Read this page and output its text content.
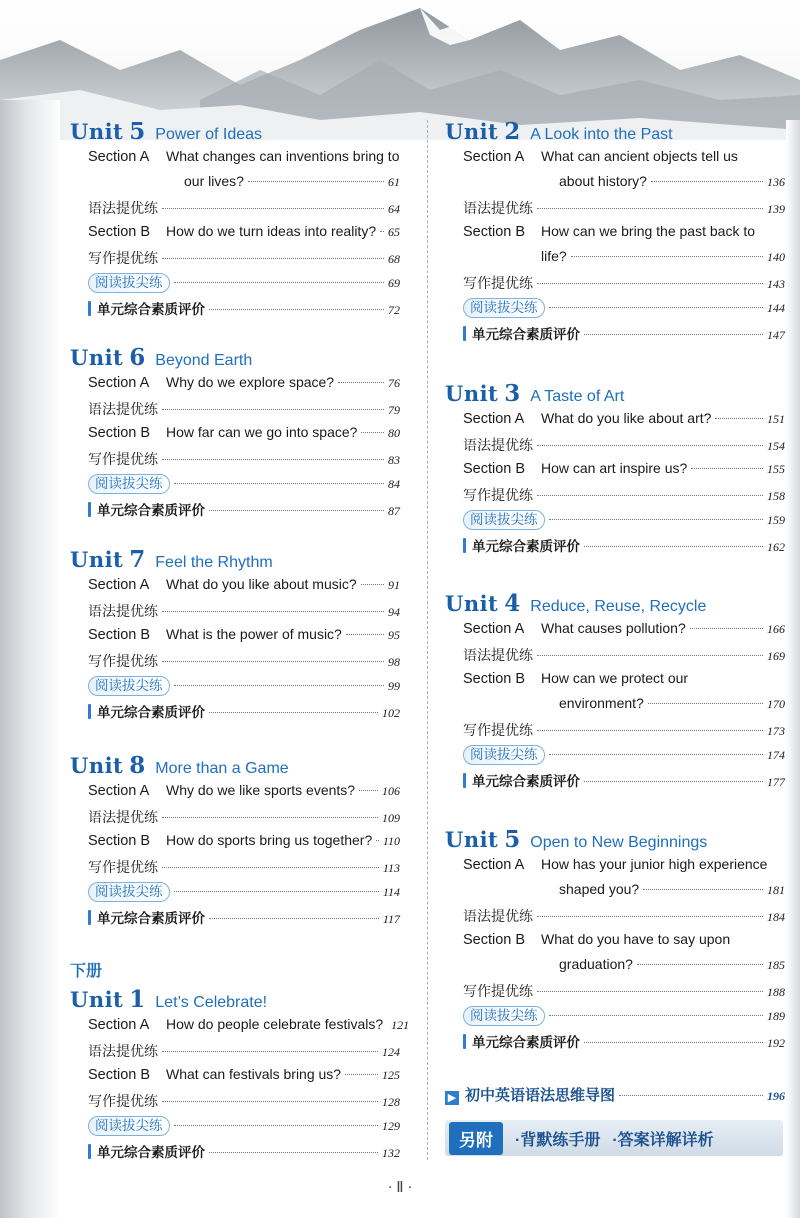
Unit 5 Power of Ideas
Section A	What changes can inventions bring to
our lives?	61
语法提优练	64
Section B	How do we turn ideas into reality? 65
写作提优练	68
阅读拔尖练	69
单元综合素质评价	72
Unit 6 Beyond Earth
Section A	Why do we explore space?	76
语法提优练	79
Section B	How far can we go into space?	80
写作提优练	83
阅读拔尖练	84
单元综合素质评价	87
Unit 7 Feel the Rhythm
Section A	What do you like about music?	91
语法提优练	94
Section B	What is the power of music?	95
写作提优练	98
阅读拔尖练	99
单元综合素质评价	102
Unit 8 More than a Game
Section A	Why do we like sports events? 106
语法提优练	109
Section B	How do sports bring us together? 110
写作提优练	113
阅读拔尖练	114
单元综合素质评价	117
下册
Unit 1 Let’s Celebrate!
Section A	How do people celebrate festivals? 121
语法提优练	124
Section B	What can festivals bring us?	125
写作提优练	128
阅读拔尖练	129
单元综合素质评价	132
Unit 2 A Look into the Past
Section A	What can ancient objects tell us
about history?	136
语法提优练	139
Section B	How can we bring the past back to
life?	140
写作提优练	143
阅读拔尖练	144
单元综合素质评价	147
Unit 3 A Taste of Art
Section A	What do you like about art?	151
语法提优练	154
Section B	How can art inspire us?	155
写作提优练	158
阅读拔尖练	159
单元综合素质评价	162
Unit 4 Reduce, Reuse, Recycle
Section A	What causes pollution?	166
语法提优练	169
Section B	How can we protect our
environment?	170
写作提优练	173
阅读拔尖练	174
单元综合素质评价	177
Unit 5 Open to New Beginnings
Section A	How has your junior high experience
shaped you?	181
语法提优练	184
Section B	What do you have to say upon
graduation?	185
写作提优练	188
阅读拔尖练	189
单元综合素质评价	192
▶ 初中英语语法思维导图	196
另附	·背默练手册 ·答案详解详析
· Ⅱ ·
